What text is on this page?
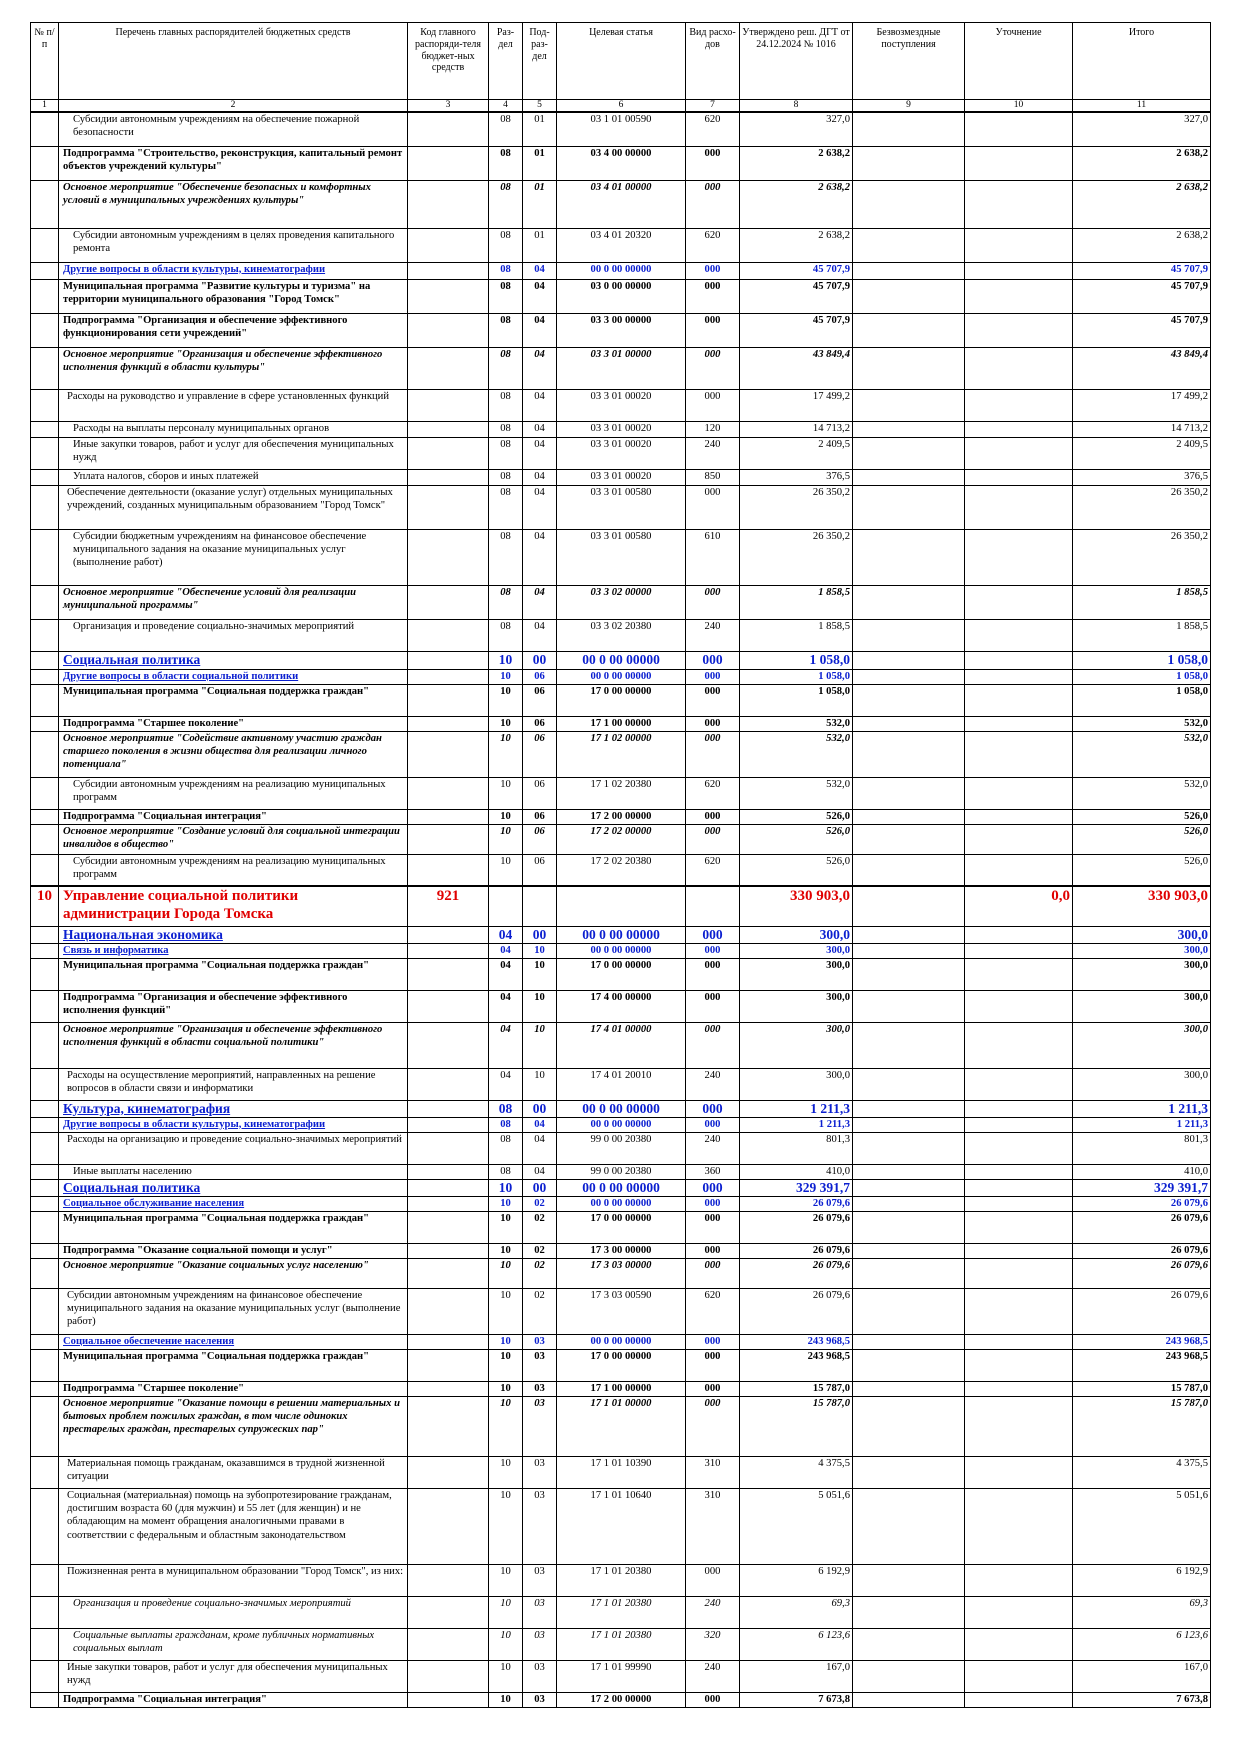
№ п/п	Перечень главных распорядителей бюджетных средств	Код главного распоряди-теля бюджет-ных средств	Раз-дел	Под-раз-дел	Целевая статья	Вид расхо-дов	Утверждено реш. ДГТ от 24.12.2024 № 1016	Безвозмездные поступления	Уточнение	Итого
1	2	3	4	5	6	7	8	9	10	11
	Субсидии автономным учреждениям на обеспечение пожарной безопасности		08	01	03 1 01 00590	620	327,0			327,0
	Подпрограмма "Строительство, реконструкция, капитальный ремонт объектов учреждений культуры"		08	01	03 4 00 00000	000	2 638,2			2 638,2
	Основное мероприятие "Обеспечение безопасных и комфортных условий в муниципальных учреждениях культуры"		08	01	03 4 01 00000	000	2 638,2			2 638,2
	Субсидии автономным учреждениям в целях проведения капитального ремонта		08	01	03 4 01 20320	620	2 638,2			2 638,2
	Другие вопросы в области культуры, кинематографии		08	04	00 0 00 00000	000	45 707,9			45 707,9
	Муниципальная программа "Развитие культуры и туризма" на территории муниципального образования "Город Томск"		08	04	03 0 00 00000	000	45 707,9			45 707,9
	Подпрограмма "Организация и обеспечение эффективного функционирования сети учреждений"		08	04	03 3 00 00000	000	45 707,9			45 707,9
	Основное мероприятие "Организация и обеспечение эффективного исполнения функций в области культуры"		08	04	03 3 01 00000	000	43 849,4			43 849,4
	Расходы на руководство и управление в сфере установленных функций		08	04	03 3 01 00020	000	17 499,2			17 499,2
	Расходы на выплаты персоналу муниципальных органов		08	04	03 3 01 00020	120	14 713,2			14 713,2
	Иные закупки товаров, работ и услуг для обеспечения муниципальных нужд		08	04	03 3 01 00020	240	2 409,5			2 409,5
	Уплата налогов, сборов и иных платежей		08	04	03 3 01 00020	850	376,5			376,5
	Обеспечение деятельности (оказание услуг) отдельных муниципальных учреждений, созданных муниципальным образованием "Город Томск"		08	04	03 3 01 00580	000	26 350,2			26 350,2
	Субсидии бюджетным учреждениям на финансовое обеспечение муниципального задания на оказание муниципальных услуг (выполнение работ)		08	04	03 3 01 00580	610	26 350,2			26 350,2
	Основное мероприятие "Обеспечение условий для реализации муниципальной программы"		08	04	03 3 02 00000	000	1 858,5			1 858,5
	Организация и проведение социально-значимых мероприятий		08	04	03 3 02 20380	240	1 858,5			1 858,5
	Социальная политика		10	00	00 0 00 00000	000	1 058,0			1 058,0
	Другие вопросы в области социальной политики		10	06	00 0 00 00000	000	1 058,0			1 058,0
	Муниципальная программа "Социальная поддержка граждан"		10	06	17 0 00 00000	000	1 058,0			1 058,0
	Подпрограмма "Старшее поколение"		10	06	17 1 00 00000	000	532,0			532,0
	Основное мероприятие "Содействие активному участию граждан старшего поколения в жизни общества для реализации личного потенциала"		10	06	17 1 02 00000	000	532,0			532,0
	Субсидии автономным учреждениям на реализацию муниципальных программ		10	06	17 1 02 20380	620	532,0			532,0
	Подпрограмма "Социальная интеграция"		10	06	17 2 00 00000	000	526,0			526,0
	Основное мероприятие "Создание условий для социальной интеграции инвалидов в общество"		10	06	17 2 02 00000	000	526,0			526,0
	Субсидии автономным учреждениям на реализацию муниципальных программ		10	06	17 2 02 20380	620	526,0			526,0
10	Управление социальной политики администрации Города Томска	921					330 903,0		0,0	330 903,0
	Национальная экономика		04	00	00 0 00 00000	000	300,0			300,0
	Связь и информатика		04	10	00 0 00 00000	000	300,0			300,0
	Муниципальная программа "Социальная поддержка граждан"		04	10	17 0 00 00000	000	300,0			300,0
	Подпрограмма "Организация и обеспечение эффективного исполнения функций"		04	10	17 4 00 00000	000	300,0			300,0
	Основное мероприятие "Организация и обеспечение эффективного исполнения функций в области социальной политики"		04	10	17 4 01 00000	000	300,0			300,0
	Расходы на осуществление мероприятий, направленных на решение вопросов в области связи и информатики		04	10	17 4 01 20010	240	300,0			300,0
	Культура, кинематография		08	00	00 0 00 00000	000	1 211,3			1 211,3
	Другие вопросы в области культуры, кинематографии		08	04	00 0 00 00000	000	1 211,3			1 211,3
	Расходы на организацию и проведение социально-значимых мероприятий		08	04	99 0 00 20380	240	801,3			801,3
	Иные выплаты населению		08	04	99 0 00 20380	360	410,0			410,0
	Социальная политика		10	00	00 0 00 00000	000	329 391,7			329 391,7
	Социальное обслуживание населения		10	02	00 0 00 00000	000	26 079,6			26 079,6
	Муниципальная программа "Социальная поддержка граждан"		10	02	17 0 00 00000	000	26 079,6			26 079,6
	Подпрограмма "Оказание социальной помощи и услуг"		10	02	17 3 00 00000	000	26 079,6			26 079,6
	Основное мероприятие "Оказание социальных услуг населению"		10	02	17 3 03 00000	000	26 079,6			26 079,6
	Субсидии автономным учреждениям на финансовое обеспечение муниципального задания на оказание муниципальных услуг (выполнение работ)		10	02	17 3 03 00590	620	26 079,6			26 079,6
	Социальное обеспечение населения		10	03	00 0 00 00000	000	243 968,5			243 968,5
	Муниципальная программа "Социальная поддержка граждан"		10	03	17 0 00 00000	000	243 968,5			243 968,5
	Подпрограмма "Старшее поколение"		10	03	17 1 00 00000	000	15 787,0			15 787,0
	Основное мероприятие "Оказание помощи в решении материальных и бытовых проблем пожилых граждан, в том числе одиноких престарелых граждан, престарелых супружеских пар"		10	03	17 1 01 00000	000	15 787,0			15 787,0
	Материальная помощь гражданам, оказавшимся в трудной жизненной ситуации		10	03	17 1 01 10390	310	4 375,5			4 375,5
	Социальная (материальная) помощь на зубопротезирование гражданам, достигшим возраста 60 (для мужчин) и 55 лет (для женщин) и не обладающим на момент обращения аналогичными правами в соответствии с федеральным и областным законодательством		10	03	17 1 01 10640	310	5 051,6			5 051,6
	Пожизненная рента в муниципальном образовании "Город Томск", из них:		10	03	17 1 01 20380	000	6 192,9			6 192,9
	Организация и проведение социально-значимых мероприятий		10	03	17 1 01 20380	240	69,3			69,3
	Социальные выплаты гражданам, кроме публичных нормативных социальных выплат		10	03	17 1 01 20380	320	6 123,6			6 123,6
	Иные закупки товаров, работ и услуг для обеспечения муниципальных нужд		10	03	17 1 01 99990	240	167,0			167,0
	Подпрограмма "Социальная интеграция"		10	03	17 2 00 00000	000	7 673,8			7 673,8
